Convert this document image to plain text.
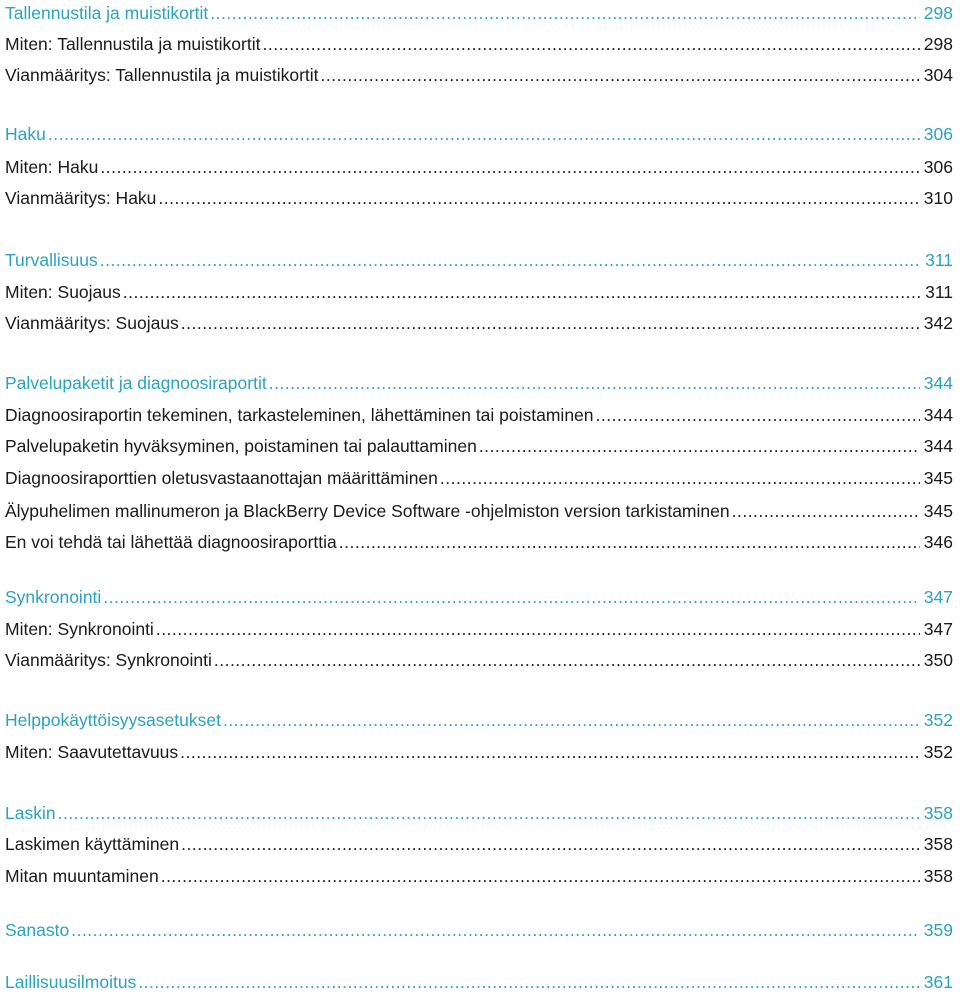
Tallennustila ja muistikortit .....	298
Miten: Tallennustila ja muistikortit .....	298
Vianmääritys: Tallennustila ja muistikortit .....	304
Haku .....	306
Miten: Haku .....	306
Vianmääritys: Haku .....	310
Turvallisuus .....	311
Miten: Suojaus .....	311
Vianmääritys: Suojaus .....	342
Palvelupaketit ja diagnoosiraportit .....	344
Diagnoosiraportin tekeminen, tarkasteleminen, lähettäminen tai poistaminen .....	344
Palvelupaketin hyväksyminen, poistaminen tai palauttaminen .....	344
Diagnoosiraporttien oletusvastaanottajan määrittäminen .....	345
Älypuhelimen mallinumeron ja BlackBerry Device Software -ohjelmiston version tarkistaminen .....	345
En voi tehdä tai lähettää diagnoosiraporttia .....	346
Synkronointi .....	347
Miten: Synkronointi .....	347
Vianmääritys: Synkronointi .....	350
Helppokäyttöisyysasetukset .....	352
Miten: Saavutettavuus .....	352
Laskin .....	358
Laskimen käyttäminen .....	358
Mitan muuntaminen .....	358
Sanasto .....	359
Laillisuusilmoitus .....	361
